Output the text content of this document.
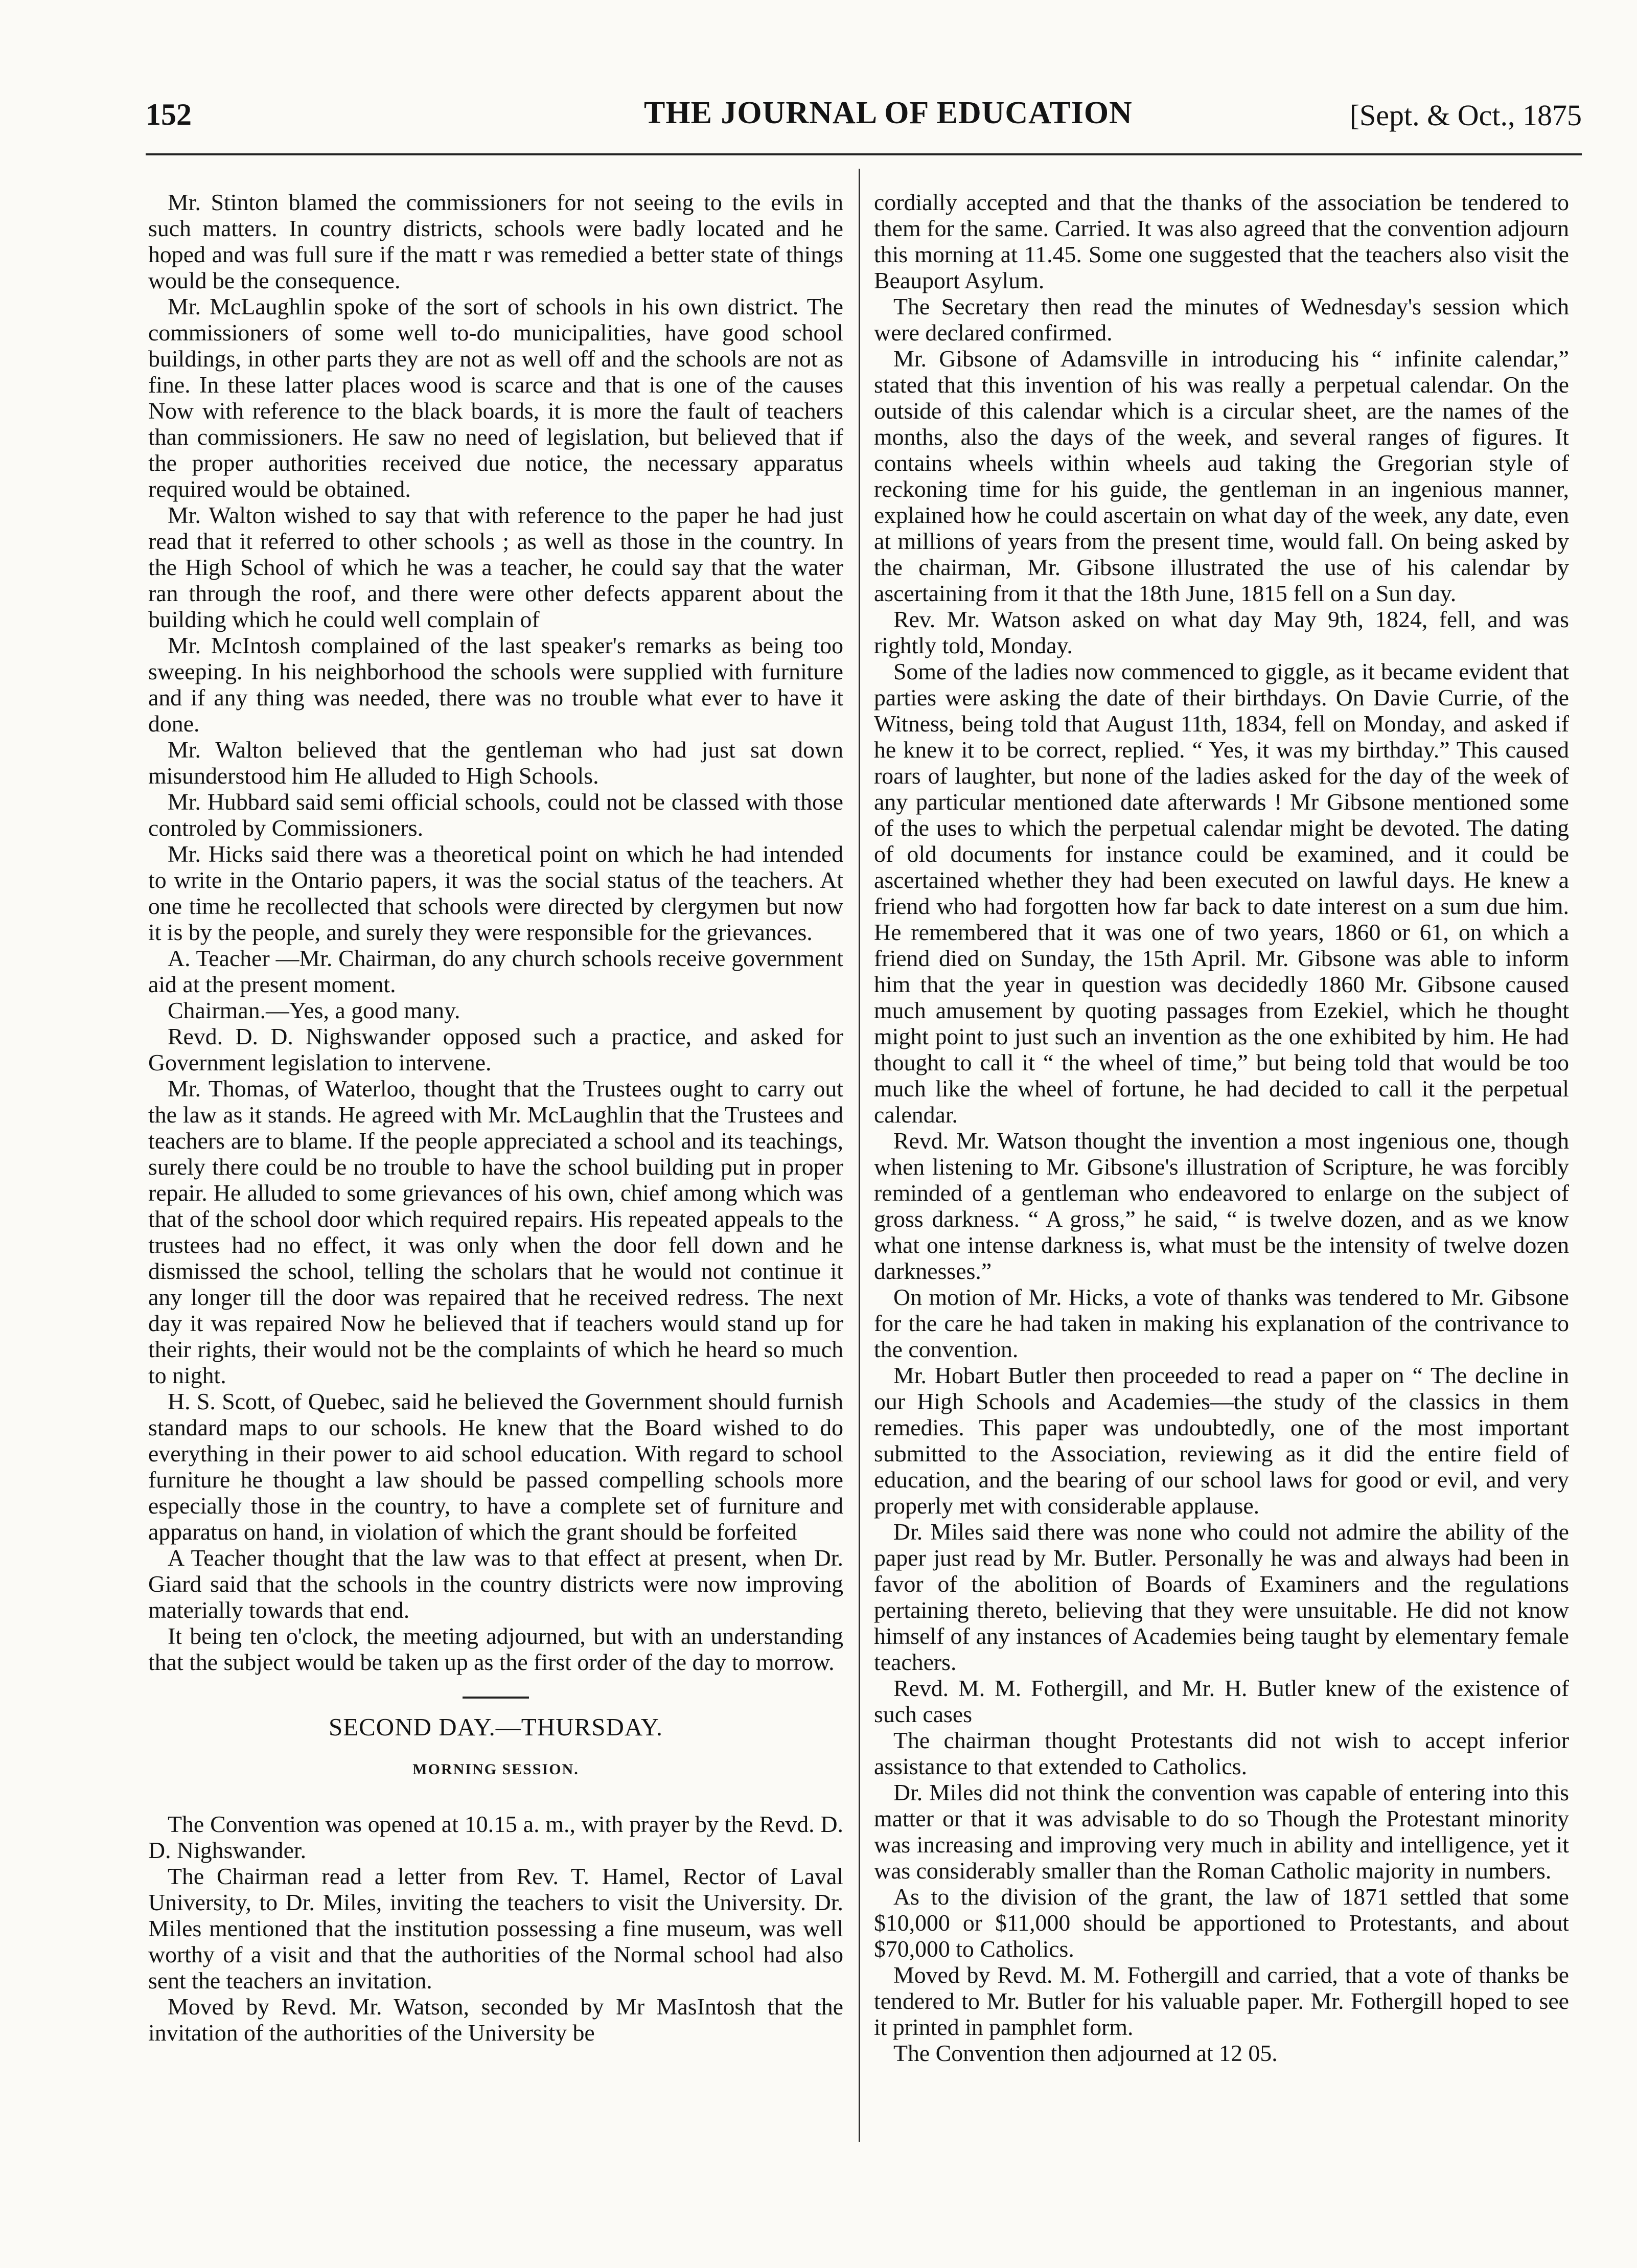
152	THE JOURNAL OF EDUCATION	[Sept. & Oct., 1875

Mr. Stinton blamed the commissioners for not seeing to the evils in such matters. In country districts, schools were badly located and he hoped and was full sure if the matt r was remedied a better state of things would be the consequence.

Mr. McLaughlin spoke of the sort of schools in his own district. The commissioners of some well to-do municipalities, have good school buildings, in other parts they are not as well off and the schools are not as fine. In these latter places wood is scarce and that is one of the causes Now with reference to the black boards, it is more the fault of teachers than commissioners. He saw no need of legislation, but believed that if the proper authorities received due notice, the necessary apparatus required would be obtained.

Mr. Walton wished to say that with reference to the paper he had just read that it referred to other schools ; as well as those in the country. In the High School of which he was a teacher, he could say that the water ran through the roof, and there were other defects apparent about the building which he could well complain of

Mr. McIntosh complained of the last speaker's remarks as being too sweeping. In his neighborhood the schools were supplied with furniture and if any thing was needed, there was no trouble what ever to have it done.

Mr. Walton believed that the gentleman who had just sat down misunderstood him He alluded to High Schools.

Mr. Hubbard said semi official schools, could not be classed with those controled by Commissioners.

Mr. Hicks said there was a theoretical point on which he had intended to write in the Ontario papers, it was the social status of the teachers. At one time he recollected that schools were directed by clergymen but now it is by the people, and surely they were responsible for the grievances.

A. Teacher —Mr. Chairman, do any church schools receive government aid at the present moment.

Chairman.—Yes, a good many.

Revd. D. D. Nighswander opposed such a practice, and asked for Government legislation to intervene.

Mr. Thomas, of Waterloo, thought that the Trustees ought to carry out the law as it stands. He agreed with Mr. McLaughlin that the Trustees and teachers are to blame. If the people appreciated a school and its teachings, surely there could be no trouble to have the school building put in proper repair. He alluded to some grievances of his own, chief among which was that of the school door which required repairs. His repeated appeals to the trustees had no effect, it was only when the door fell down and he dismissed the school, telling the scholars that he would not continue it any longer till the door was repaired that he received redress. The next day it was repaired Now he believed that if teachers would stand up for their rights, their would not be the complaints of which he heard so much to night.

H. S. Scott, of Quebec, said he believed the Government should furnish standard maps to our schools. He knew that the Board wished to do everything in their power to aid school education. With regard to school furniture he thought a law should be passed compelling schools more especially those in the country, to have a complete set of furniture and apparatus on hand, in violation of which the grant should be forfeited

A Teacher thought that the law was to that effect at present, when Dr. Giard said that the schools in the country districts were now improving materially towards that end.

It being ten o'clock, the meeting adjourned, but with an understanding that the subject would be taken up as the first order of the day to morrow.

SECOND DAY.—THURSDAY.
MORNING SESSION.

The Convention was opened at 10.15 a. m., with prayer by the Revd. D. D. Nighswander.

The Chairman read a letter from Rev. T. Hamel, Rector of Laval University, to Dr. Miles, inviting the teachers to visit the University. Dr. Miles mentioned that the institution possessing a fine museum, was well worthy of a visit and that the authorities of the Normal school had also sent the teachers an invitation.

Moved by Revd. Mr. Watson, seconded by Mr MasIntosh that the invitation of the authorities of the University be

cordially accepted and that the thanks of the association be tendered to them for the same. Carried. It was also agreed that the convention adjourn this morning at 11.45. Some one suggested that the teachers also visit the Beauport Asylum.

The Secretary then read the minutes of Wednesday's session which were declared confirmed.

Mr. Gibsone of Adamsville in introducing his “ infinite calendar,” stated that this invention of his was really a perpetual calendar. On the outside of this calendar which is a circular sheet, are the names of the months, also the days of the week, and several ranges of figures. It contains wheels within wheels aud taking the Gregorian style of reckoning time for his guide, the gentleman in an ingenious manner, explained how he could ascertain on what day of the week, any date, even at millions of years from the present time, would fall. On being asked by the chairman, Mr. Gibsone illustrated the use of his calendar by ascertaining from it that the 18th June, 1815 fell on a Sun day.

Rev. Mr. Watson asked on what day May 9th, 1824, fell, and was rightly told, Monday.

Some of the ladies now commenced to giggle, as it became evident that parties were asking the date of their birthdays. On Davie Currie, of the Witness, being told that August 11th, 1834, fell on Monday, and asked if he knew it to be correct, replied. “ Yes, it was my birthday.” This caused roars of laughter, but none of the ladies asked for the day of the week of any particular mentioned date afterwards ! Mr Gibsone mentioned some of the uses to which the perpetual calendar might be devoted. The dating of old documents for instance could be examined, and it could be ascertained whether they had been executed on lawful days. He knew a friend who had forgotten how far back to date interest on a sum due him. He remembered that it was one of two years, 1860 or 61, on which a friend died on Sunday, the 15th April. Mr. Gibsone was able to inform him that the year in question was decidedly 1860 Mr. Gibsone caused much amusement by quoting passages from Ezekiel, which he thought might point to just such an invention as the one exhibited by him. He had thought to call it “ the wheel of time,” but being told that would be too much like the wheel of fortune, he had decided to call it the perpetual calendar.

Revd. Mr. Watson thought the invention a most ingenious one, though when listening to Mr. Gibsone's illustration of Scripture, he was forcibly reminded of a gentleman who endeavored to enlarge on the subject of gross darkness. “ A gross,” he said, “ is twelve dozen, and as we know what one intense darkness is, what must be the intensity of twelve dozen darknesses.”

On motion of Mr. Hicks, a vote of thanks was tendered to Mr. Gibsone for the care he had taken in making his explanation of the contrivance to the convention.

Mr. Hobart Butler then proceeded to read a paper on “ The decline in our High Schools and Academies—the study of the classics in them remedies. This paper was undoubtedly, one of the most important submitted to the Association, reviewing as it did the entire field of education, and the bearing of our school laws for good or evil, and very properly met with considerable applause.

Dr. Miles said there was none who could not admire the ability of the paper just read by Mr. Butler. Personally he was and always had been in favor of the abolition of Boards of Examiners and the regulations pertaining thereto, believing that they were unsuitable. He did not know himself of any instances of Academies being taught by elementary female teachers.

Revd. M. M. Fothergill, and Mr. H. Butler knew of the existence of such cases

The chairman thought Protestants did not wish to accept inferior assistance to that extended to Catholics.

Dr. Miles did not think the convention was capable of entering into this matter or that it was advisable to do so Though the Protestant minority was increasing and improving very much in ability and intelligence, yet it was considerably smaller than the Roman Catholic majority in numbers.

As to the division of the grant, the law of 1871 settled that some $10,000 or $11,000 should be apportioned to Protestants, and about $70,000 to Catholics.

Moved by Revd. M. M. Fothergill and carried, that a vote of thanks be tendered to Mr. Butler for his valuable paper. Mr. Fothergill hoped to see it printed in pamphlet form.

The Convention then adjourned at 12 05.
